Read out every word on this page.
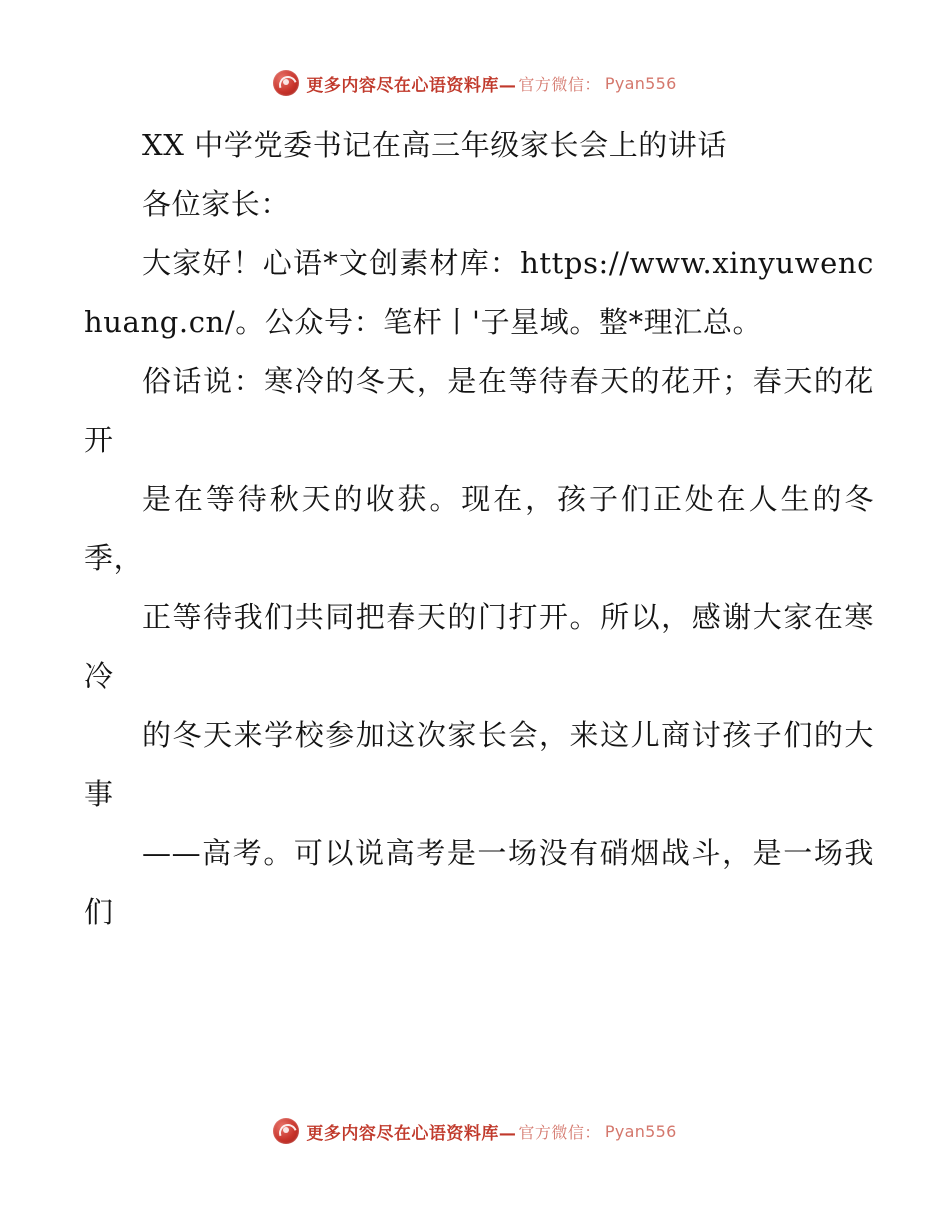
更多内容尽在心语资料库— 官方微信： Pyan556

XX 中学党委书记在高三年级家长会上的讲话

各位家长：

大家好！心语*文创素材库：https://www.xinyuwenchuang.cn/。公众号：笔杆丨'子星域。整*理汇总。

俗话说：寒冷的冬天，是在等待春天的花开；春天的花开

是在等待秋天的收获。现在，孩子们正处在人生的冬季，

正等待我们共同把春天的门打开。所以，感谢大家在寒冷

的冬天来学校参加这次家长会，来这儿商讨孩子们的大事

——高考。可以说高考是一场没有硝烟战斗，是一场我们

更多内容尽在心语资料库— 官方微信： Pyan556
